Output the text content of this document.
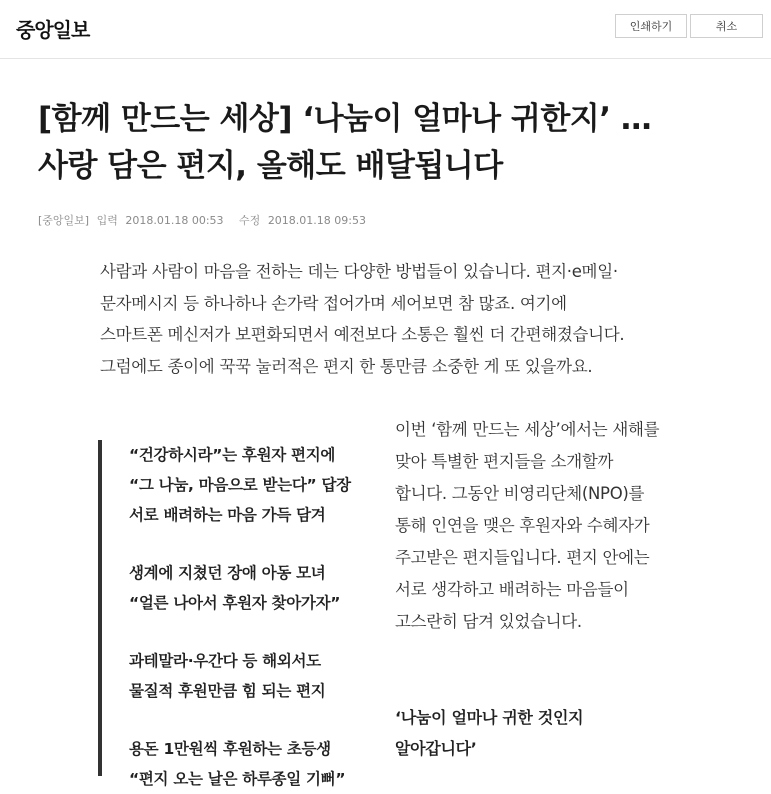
중앙일보	인쇄하기	취소
[함께 만드는 세상] ‘나눔이 얼마나 귀한지’ …
사랑 담은 편지, 올해도 배달됩니다
[중앙일보] 입력 2018.01.18 00:53 수정 2018.01.18 09:53
사람과 사람이 마음을 전하는 데는 다양한 방법들이 있습니다. 편지·e메일·
문자메시지 등 하나하나 손가락 접어가며 세어보면 참 많죠. 여기에
스마트폰 메신저가 보편화되면서 예전보다 소통은 훨씬 더 간편해졌습니다.
그럼에도 종이에 꾹꾹 눌러적은 편지 한 통만큼 소중한 게 또 있을까요.
“건강하시라”는 후원자 편지에
“그 나눔, 마음으로 받는다” 답장
서로 배려하는 마음 가득 담겨
생계에 지쳤던 장애 아동 모녀
“얼른 나아서 후원자 찾아가자”
과테말라·우간다 등 해외서도
물질적 후원만큼 힘 되는 편지
용돈 1만원씩 후원하는 초등생
“편지 오는 날은 하루종일 기뻐”
이번 ‘함께 만드는 세상’에서는 새해를
맞아 특별한 편지들을 소개할까
합니다. 그동안 비영리단체(NPO)를
통해 인연을 맺은 후원자와 수혜자가
주고받은 편지들입니다. 편지 안에는
서로 생각하고 배려하는 마음들이
고스란히 담겨 있었습니다.
‘나눔이 얼마나 귀한 것인지
알아갑니다’
